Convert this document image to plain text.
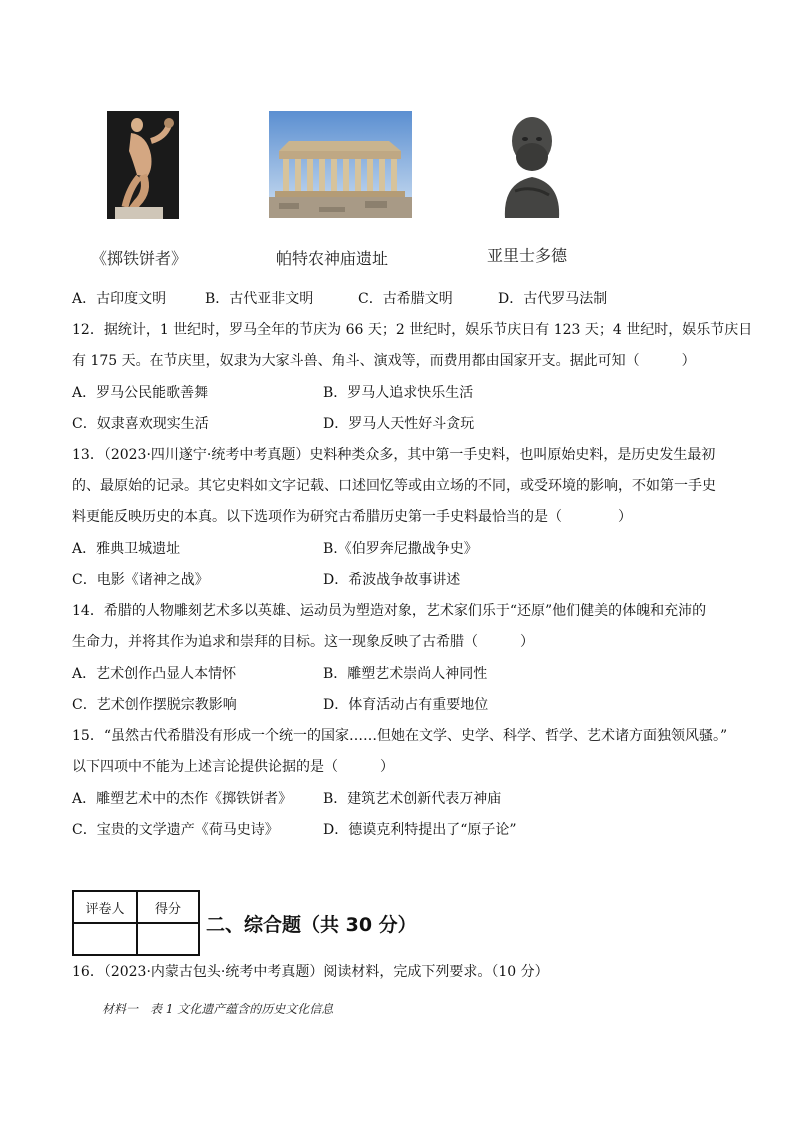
《掷铁饼者》	帕特农神庙遗址	亚里士多德
A．古印度文明	B．古代亚非文明	C．古希腊文明	D．古代罗马法制
12．据统计，1 世纪时，罗马全年的节庆为 66 天；2 世纪时，娱乐节庆日有 123 天；4 世纪时，娱乐节庆日
有 175 天。在节庆里，奴隶为大家斗兽、角斗、演戏等，而费用都由国家开支。据此可知（　　　）
A．罗马公民能歌善舞	B．罗马人追求快乐生活
C．奴隶喜欢现实生活	D．罗马人天性好斗贪玩
13．（2023·四川遂宁·统考中考真题）史料种类众多，其中第一手史料，也叫原始史料，是历史发生最初
的、最原始的记录。其它史料如文字记载、口述回忆等或由立场的不同，或受环境的影响，不如第一手史
料更能反映历史的本真。以下选项作为研究古希腊历史第一手史料最恰当的是（　　　　）
A．雅典卫城遗址	B.《伯罗奔尼撒战争史》
C．电影《诸神之战》	D．希波战争故事讲述
14．希腊的人物雕刻艺术多以英雄、运动员为塑造对象，艺术家们乐于“还原”他们健美的体魄和充沛的
生命力，并将其作为追求和崇拜的目标。这一现象反映了古希腊（　　　）
A．艺术创作凸显人本情怀	B．雕塑艺术崇尚人神同性
C．艺术创作摆脱宗教影响	D．体育活动占有重要地位
15．“虽然古代希腊没有形成一个统一的国家……但她在文学、史学、科学、哲学、艺术诸方面独领风骚。”
以下四项中不能为上述言论提供论据的是（　　　）
A．雕塑艺术中的杰作《掷铁饼者》 B．建筑艺术创新代表万神庙
C．宝贵的文学遗产《荷马史诗》	D．德谟克利特提出了“原子论”
评卷人	得分

二、综合题（共 30 分）
16．（2023·内蒙古包头·统考中考真题）阅读材料，完成下列要求。（10 分）
材料一　表 1 文化遗产蕴含的历史文化信息
